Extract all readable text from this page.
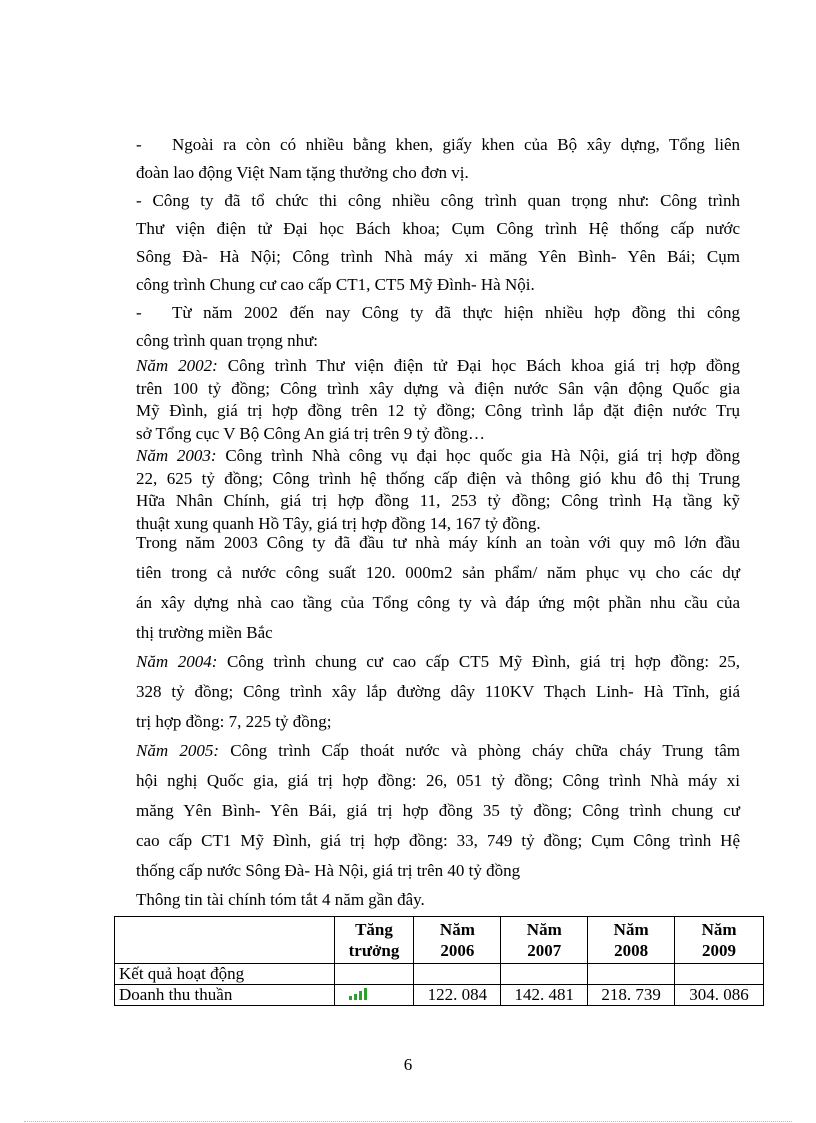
- Ngoài ra còn có nhiều bằng khen, giấy khen của Bộ xây dựng, Tổng liên
đoàn lao động Việt Nam tặng thưởng cho đơn vị.
- Công ty đã tổ chức thi công nhiều công trình quan trọng như: Công trình
Thư viện điện tử Đại học Bách khoa; Cụm Công trình Hệ thống cấp nước
Sông Đà- Hà Nội; Công trình Nhà máy xi măng Yên Bình- Yên Bái; Cụm
công trình Chung cư cao cấp CT1, CT5 Mỹ Đình- Hà Nội.
- Từ năm 2002 đến nay Công ty đã thực hiện nhiều hợp đồng thi công
công trình quan trọng như:
Năm 2002: Công trình Thư viện điện tử Đại học Bách khoa giá trị hợp đồng
trên 100 tỷ đồng; Công trình xây dựng và điện nước Sân vận động Quốc gia
Mỹ Đình, giá trị hợp đồng trên 12 tỷ đồng; Công trình lắp đặt điện nước Trụ
sở Tổng cục V Bộ Công An giá trị trên 9 tỷ đồng…
Năm 2003: Công trình Nhà công vụ đại học quốc gia Hà Nội, giá trị hợp đồng
22, 625 tỷ đồng; Công trình hệ thống cấp điện và thông gió khu đô thị Trung
Hữa Nhân Chính, giá trị hợp đồng 11, 253 tỷ đồng; Công trình Hạ tầng kỹ
thuật xung quanh Hồ Tây, giá trị hợp đồng 14, 167 tỷ đồng.
Trong năm 2003 Công ty đã đầu tư nhà máy kính an toàn với quy mô lớn đầu
tiên trong cả nước công suất 120. 000m2 sản phẩm/ năm phục vụ cho các dự
án xây dựng nhà cao tầng của Tổng công ty và đáp ứng một phần nhu cầu của
thị trường miền Bắc
Năm 2004: Công trình chung cư cao cấp CT5 Mỹ Đình, giá trị hợp đồng: 25,
328 tỷ đồng; Công trình xây lắp đường dây 110KV Thạch Linh- Hà Tĩnh, giá
trị hợp đồng: 7, 225 tỷ đồng;
Năm 2005: Công trình Cấp thoát nước và phòng cháy chữa cháy Trung tâm
hội nghị Quốc gia, giá trị hợp đồng: 26, 051 tỷ đồng; Công trình Nhà máy xi
măng Yên Bình- Yên Bái, giá trị hợp đồng 35 tỷ đồng; Công trình chung cư
cao cấp CT1 Mỹ Đình, giá trị hợp đồng: 33, 749 tỷ đồng; Cụm Công trình Hệ
thống cấp nước Sông Đà- Hà Nội, giá trị trên 40 tỷ đồng
Thông tin tài chính tóm tắt 4 năm gần đây.
	Tăng
trưởng	Năm
2006	Năm
2007	Năm
2008	Năm
2009
Kết quả hoạt động					
Doanh thu thuần		122. 084	142. 481	218. 739	304. 086
6
